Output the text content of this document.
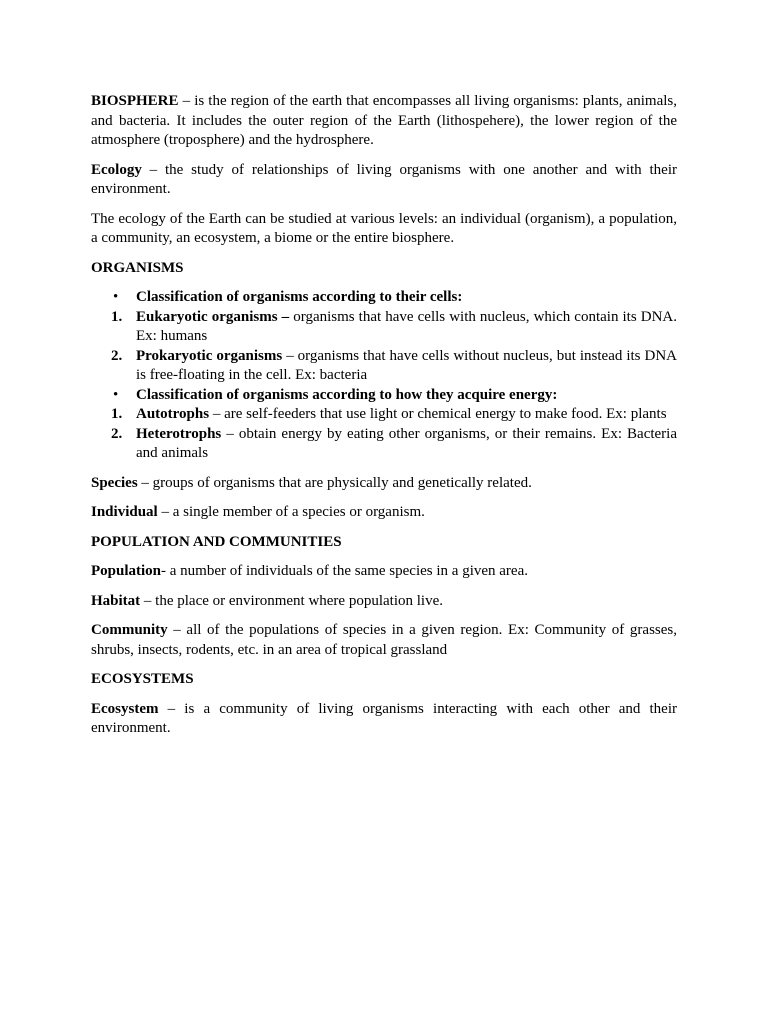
BIOSPHERE – is the region of the earth that encompasses all living organisms: plants, animals, and bacteria. It includes the outer region of the Earth (lithospehere), the lower region of the atmosphere (troposphere) and the hydrosphere.

Ecology – the study of relationships of living organisms with one another and with their environment.

The ecology of the Earth can be studied at various levels: an individual (organism), a population, a community, an ecosystem, a biome or the entire biosphere.

ORGANISMS

• Classification of organisms according to their cells:
1. Eukaryotic organisms – organisms that have cells with nucleus, which contain its DNA. Ex: humans
2. Prokaryotic organisms – organisms that have cells without nucleus, but instead its DNA is free-floating in the cell. Ex: bacteria
• Classification of organisms according to how they acquire energy:
1. Autotrophs – are self-feeders that use light or chemical energy to make food. Ex: plants
2. Heterotrophs – obtain energy by eating other organisms, or their remains. Ex: Bacteria and animals

Species – groups of organisms that are physically and genetically related.

Individual – a single member of a species or organism.

POPULATION AND COMMUNITIES

Population- a number of individuals of the same species in a given area.

Habitat – the place or environment where population live.

Community – all of the populations of species in a given region. Ex: Community of grasses, shrubs, insects, rodents, etc. in an area of tropical grassland

ECOSYSTEMS

Ecosystem – is a community of living organisms interacting with each other and their environment.
